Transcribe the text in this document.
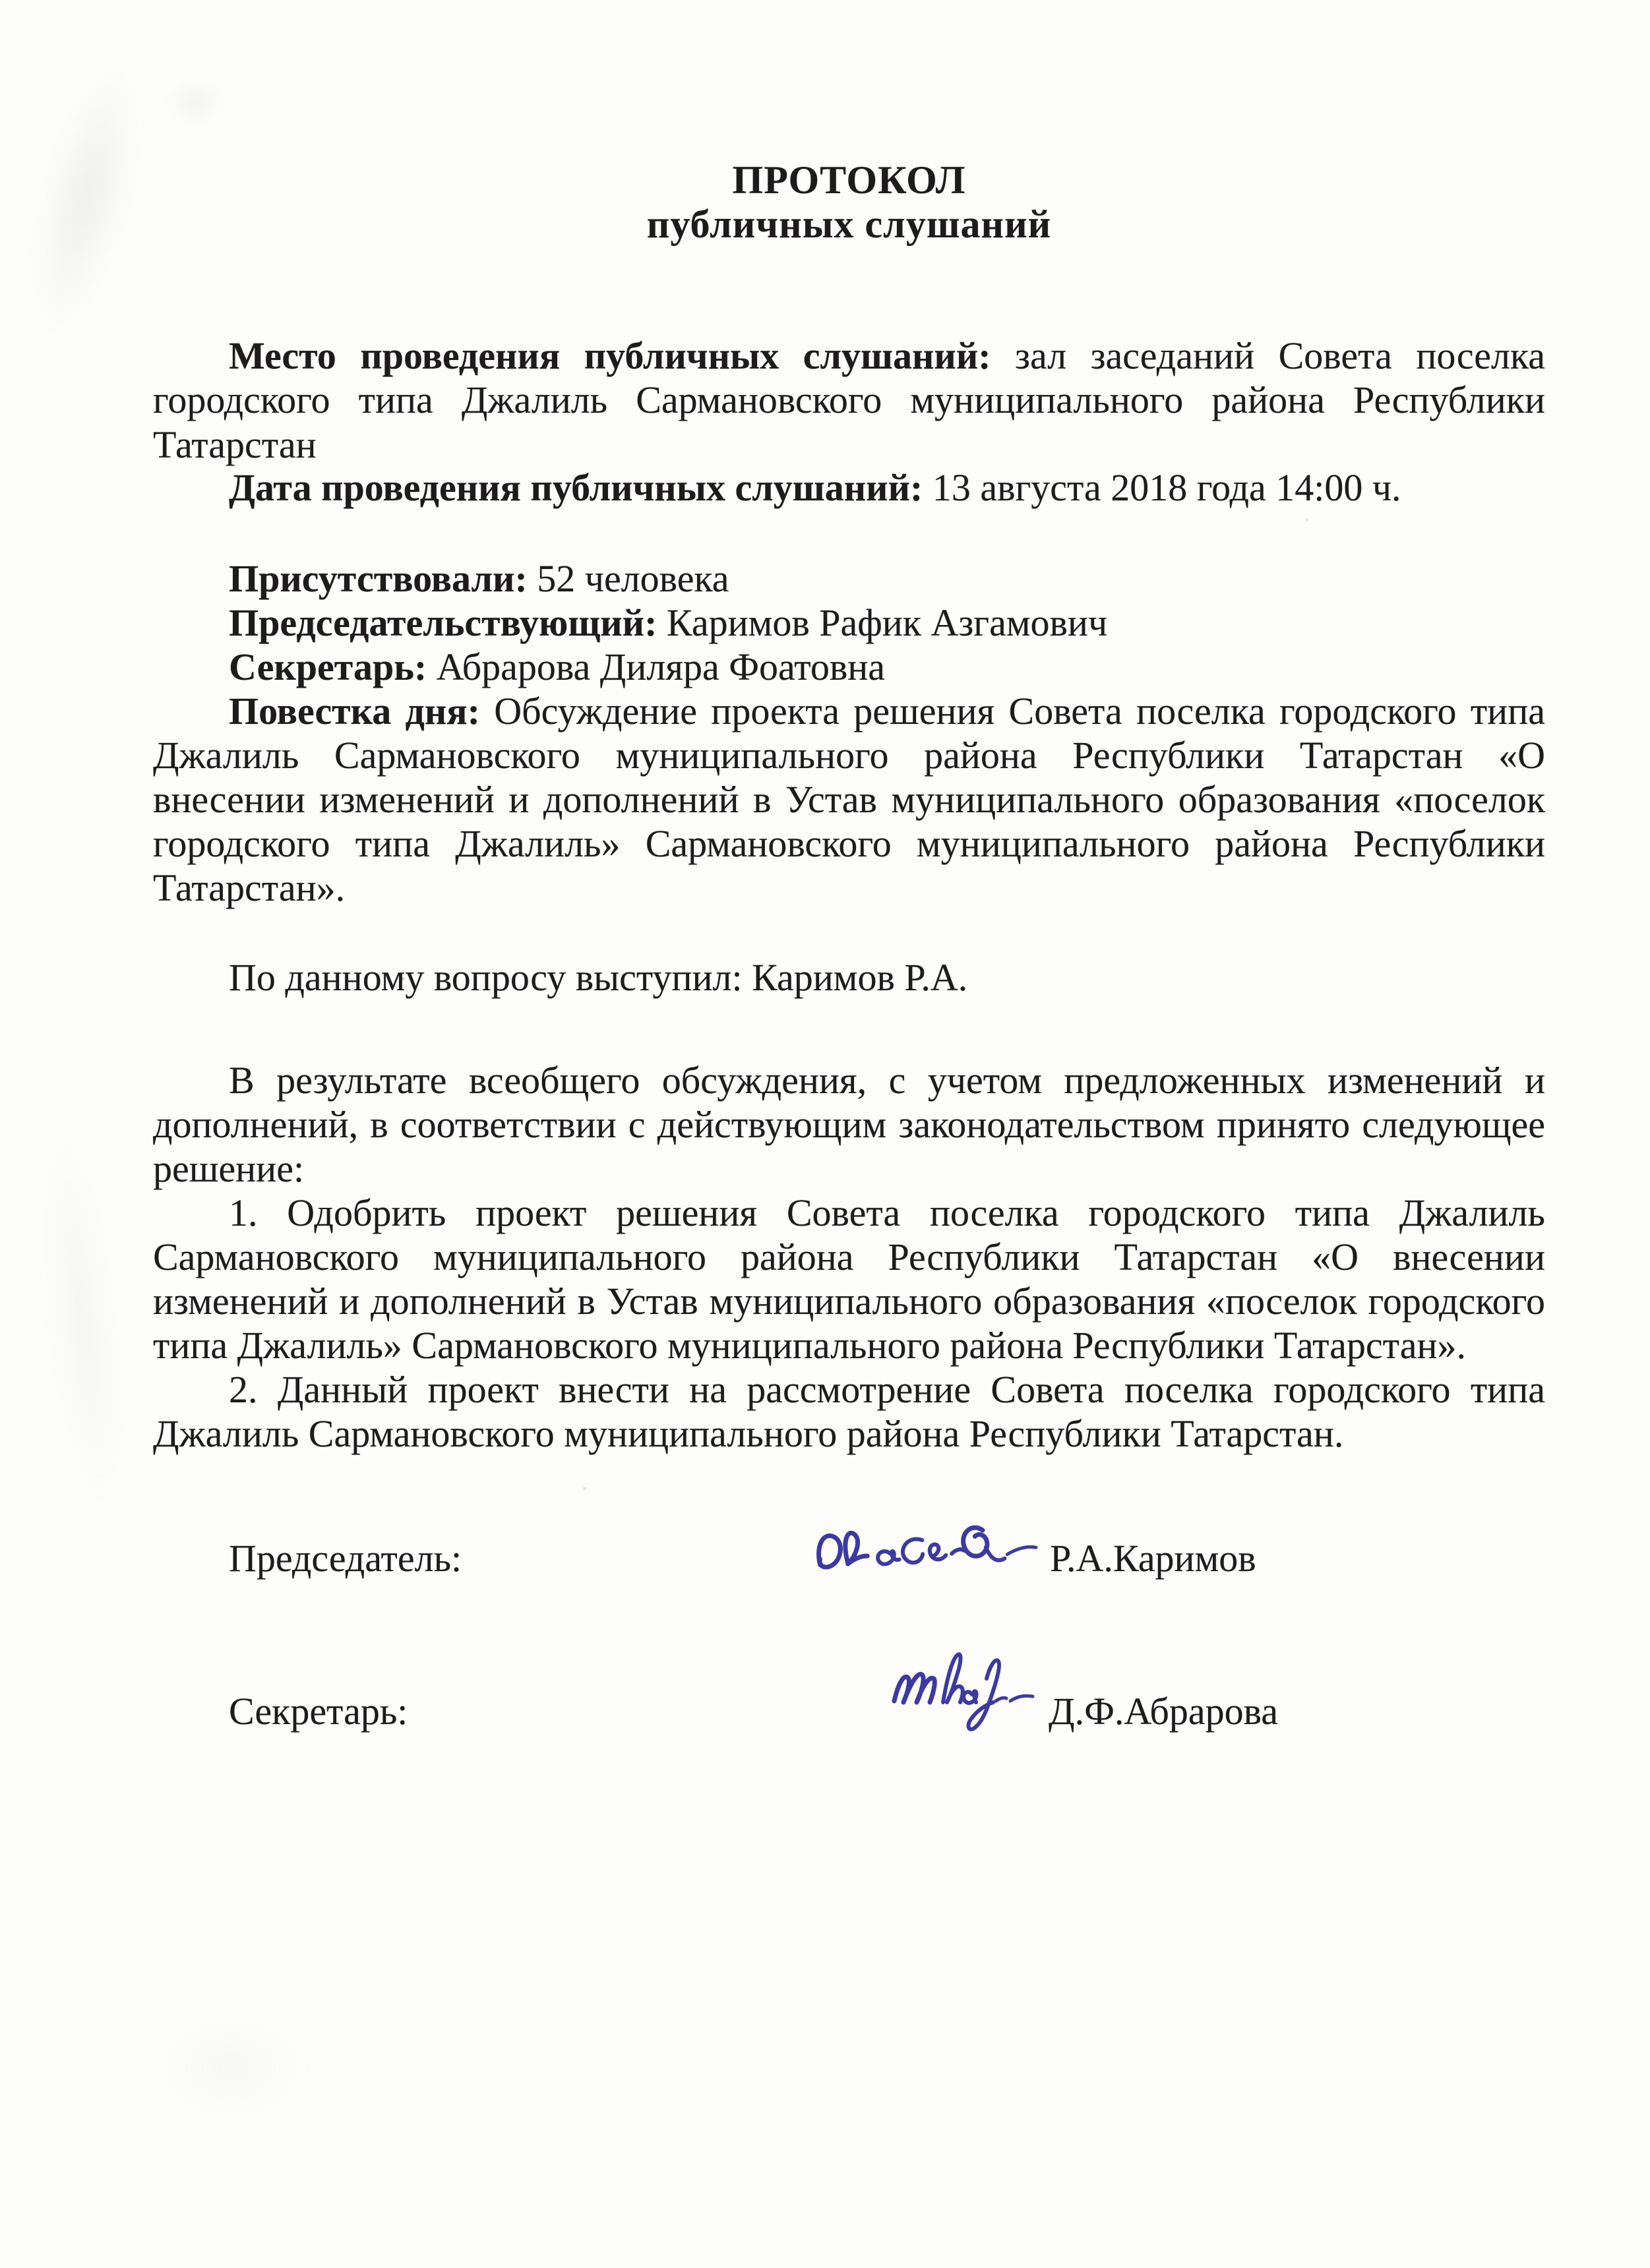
ПРОТОКОЛ
публичных слушаний
Место проведения публичных слушаний: зал заседаний Совета поселка
городского типа Джалиль Сармановского муниципального района Республики
Татарстан
Дата проведения публичных слушаний: 13 августа 2018 года 14:00 ч.
Присутствовали: 52 человека
Председательствующий: Каримов Рафик Азгамович
Секретарь: Абрарова Диляра Фоатовна
Повестка дня: Обсуждение проекта решения Совета поселка городского типа
Джалиль Сармановского муниципального района Республики Татарстан «О
внесении изменений и дополнений в Устав муниципального образования «поселок
городского типа Джалиль» Сармановского муниципального района Республики
Татарстан».
По данному вопросу выступил: Каримов Р.А.
В результате всеобщего обсуждения, с учетом предложенных изменений и
дополнений, в соответствии с действующим законодательством принято следующее
решение:
1. Одобрить проект решения Совета поселка городского типа Джалиль
Сармановского муниципального района Республики Татарстан «О внесении
изменений и дополнений в Устав муниципального образования «поселок городского
типа Джалиль» Сармановского муниципального района Республики Татарстан».
2. Данный проект внести на рассмотрение Совета поселка городского типа
Джалиль Сармановского муниципального района Республики Татарстан.
Председатель:	Р.А.Каримов
Секретарь:	Д.Ф.Абрарова
